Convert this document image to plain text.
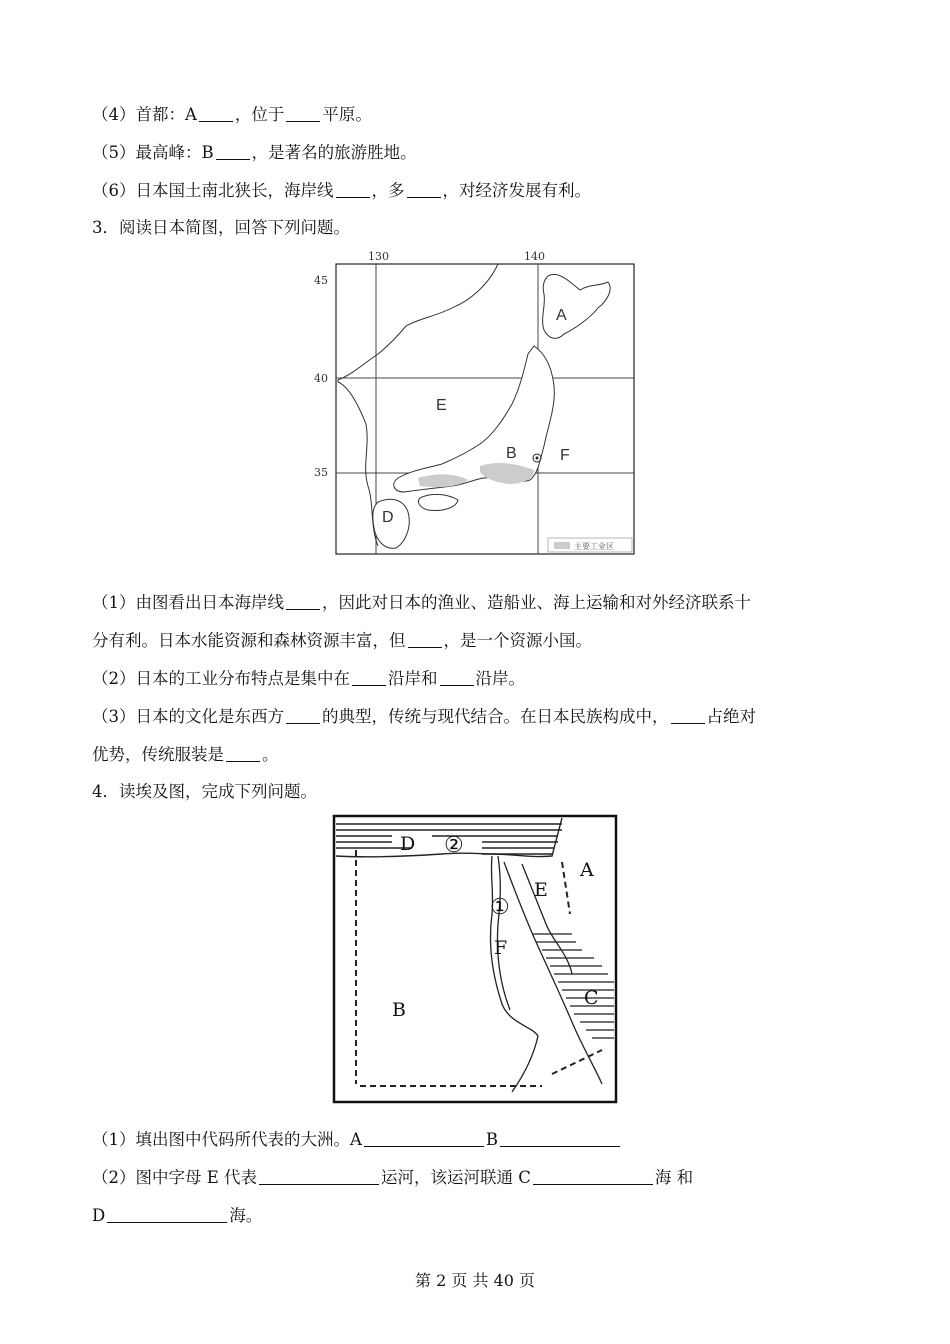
（4）首都：A ，位于 平原。
（5）最高峰：B ，是著名的旅游胜地。
（6）日本国土南北狭长，海岸线 ，多 ，对经济发展有利。
3．阅读日本简图，回答下列问题。
130	140
45
40
35
A
B
D
E
F
主要工业区
（1）由图看出日本海岸线 ，因此对日本的渔业、造船业、海上运输和对外经济联系十
分有利。日本水能资源和森林资源丰富，但 ，是一个资源小国。
（2）日本的工业分布特点是集中在 沿岸和 沿岸。
（3）日本的文化是东西方 的典型，传统与现代结合。在日本民族构成中， 占绝对
优势，传统服装是 。
4．读埃及图，完成下列问题。
D ②
A
E
①
F
C
B
（1）填出图中代码所代表的大洲。A	B
（2）图中字母 E 代表	运河，该运河联通 C	海 和
D	海。
第 2 页 共 40 页
